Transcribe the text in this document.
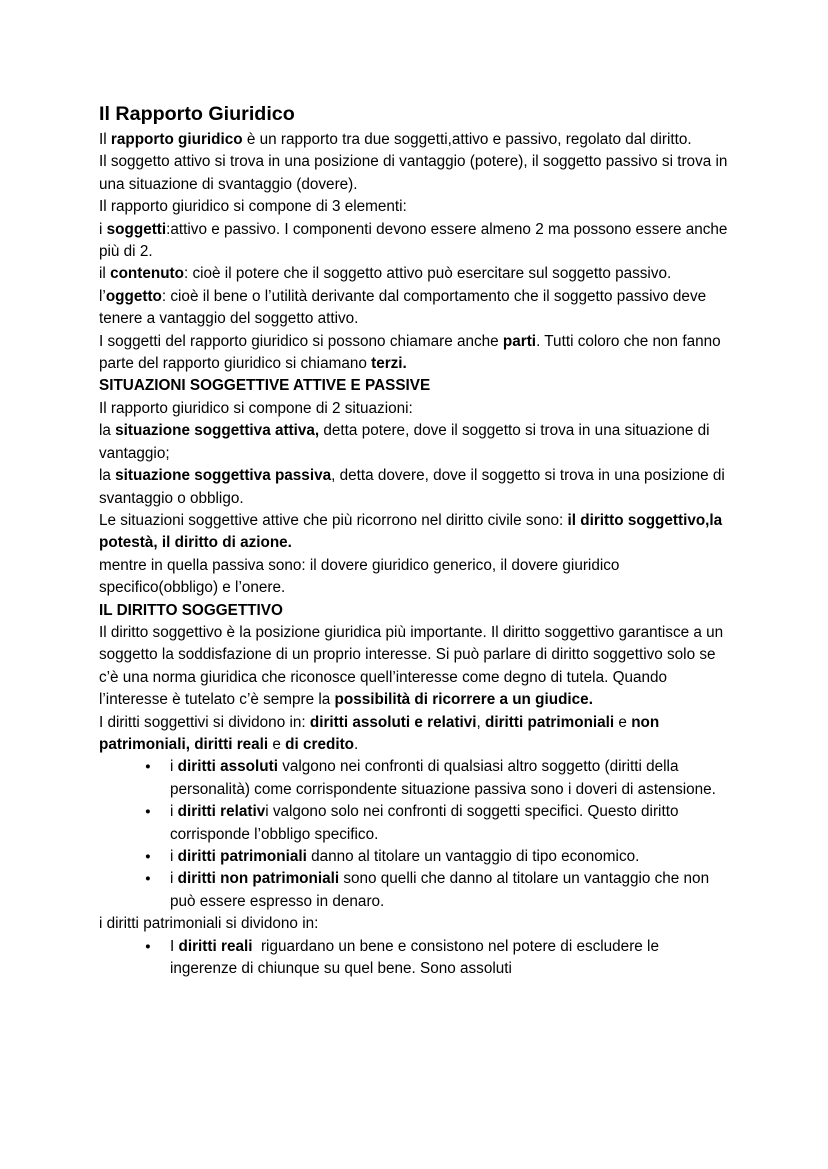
Il Rapporto Giuridico

Il rapporto giuridico è un rapporto tra due soggetti,attivo e passivo, regolato dal diritto.

Il soggetto attivo si trova in una posizione di vantaggio (potere), il soggetto passivo si trova in una situazione di svantaggio (dovere).

Il rapporto giuridico si compone di 3 elementi:

i soggetti:attivo e passivo. I componenti devono essere almeno 2 ma possono essere anche più di 2.

il contenuto: cioè il potere che il soggetto attivo può esercitare sul soggetto passivo.

l’oggetto: cioè il bene o l’utilità derivante dal comportamento che il soggetto passivo deve tenere a vantaggio del soggetto attivo.

I soggetti del rapporto giuridico si possono chiamare anche parti. Tutti coloro che non fanno parte del rapporto giuridico si chiamano terzi.

SITUAZIONI SOGGETTIVE ATTIVE E PASSIVE

Il rapporto giuridico si compone di 2 situazioni:

la situazione soggettiva attiva, detta potere, dove il soggetto si trova in una situazione di vantaggio;

la situazione soggettiva passiva, detta dovere, dove il soggetto si trova in una posizione di svantaggio o obbligo.

Le situazioni soggettive attive che più ricorrono nel diritto civile sono: il diritto soggettivo,la potestà, il diritto di azione.

mentre in quella passiva sono: il dovere giuridico generico, il dovere giuridico specifico(obbligo) e l’onere.

IL DIRITTO SOGGETTIVO

Il diritto soggettivo è la posizione giuridica più importante. Il diritto soggettivo garantisce a un soggetto la soddisfazione di un proprio interesse. Si può parlare di diritto soggettivo solo se c’è una norma giuridica che riconosce quell’interesse come degno di tutela. Quando l’interesse è tutelato c’è sempre la possibilità di ricorrere a un giudice.

I diritti soggettivi si dividono in: diritti assoluti e relativi, diritti patrimoniali e non patrimoniali, diritti reali e di credito.

● i diritti assoluti valgono nei confronti di qualsiasi altro soggetto (diritti della personalità) come corrispondente situazione passiva sono i doveri di astensione.
● i diritti relativi valgono solo nei confronti di soggetti specifici. Questo diritto corrisponde l’obbligo specifico.
● i diritti patrimoniali danno al titolare un vantaggio di tipo economico.
● i diritti non patrimoniali sono quelli che danno al titolare un vantaggio che non può essere espresso in denaro.

i diritti patrimoniali si dividono in:

● I diritti reali  riguardano un bene e consistono nel potere di escludere le ingerenze di chiunque su quel bene. Sono assoluti
